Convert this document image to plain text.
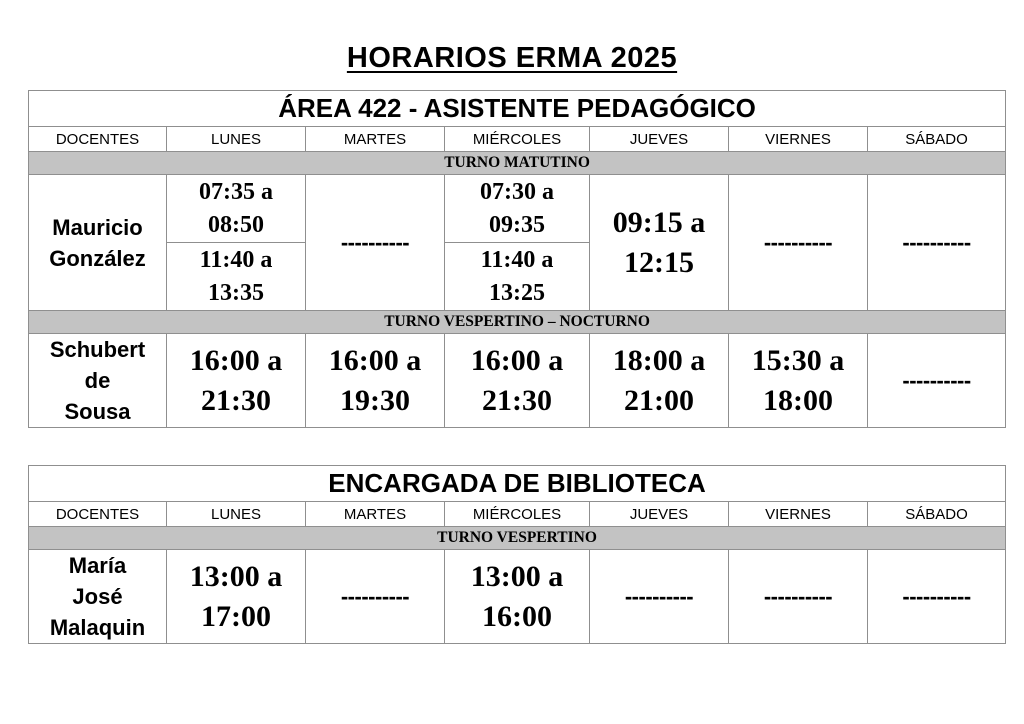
HORARIOS ERMA 2025
ÁREA 422 - ASISTENTE PEDAGÓGICO						
DOCENTES	LUNES	MARTES	MIÉRCOLES	JUEVES	VIERNES	SÁBADO
TURNO MATUTINO						

Mauricio
González	07:35 a
08:50	----------	07:30 a
09:35	09:15 a
12:15	----------	----------

	11:40 a
13:35		11:40 a
13:25			

TURNO VESPERTINO – NOCTURNO						

Schubert
de
Sousa	16:00 a
21:30	16:00 a
19:30	16:00 a
21:30	18:00 a
21:00	15:30 a
18:00	----------
ENCARGADA DE BIBLIOTECA						
DOCENTES	LUNES	MARTES	MIÉRCOLES	JUEVES	VIERNES	SÁBADO
TURNO VESPERTINO						

María
José
Malaquin	13:00 a
17:00	----------	13:00 a
16:00	----------	----------	----------
